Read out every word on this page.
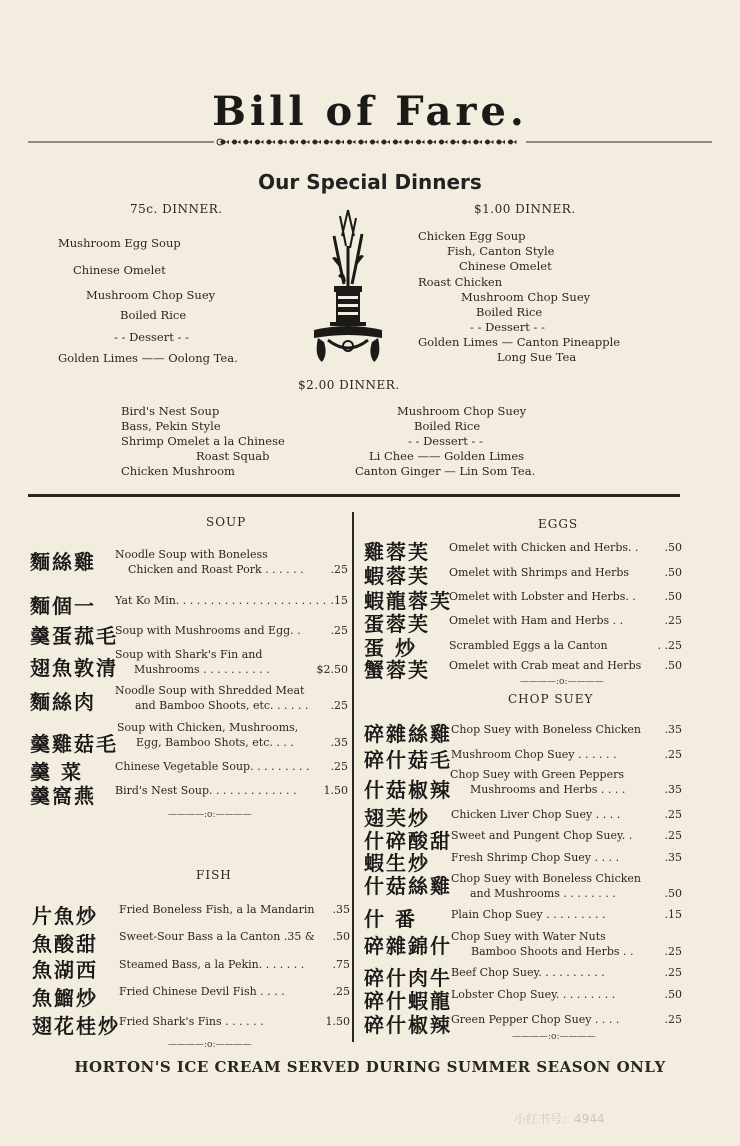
Bill of Fare.
Our Special Dinners
75c. DINNER.
Mushroom Egg Soup
Chinese Omelet
Mushroom Chop Suey
Boiled Rice
- - Dessert - -
Golden Limes —— Oolong Tea.
$1.00 DINNER.
Chicken Egg Soup
Fish, Canton Style
Chinese Omelet
Roast Chicken
Mushroom Chop Suey
Boiled Rice
- - Dessert - -
Golden Limes — Canton Pineapple
Long Sue Tea
$2.00 DINNER.
Bird's Nest Soup
Bass, Pekin Style
Shrimp Omelet a la Chinese
Roast Squab
Chicken Mushroom
Mushroom Chop Suey
Boiled Rice
- - Dessert - -
Li Chee —— Golden Limes
Canton Ginger — Lin Som Tea.
SOUP
麵絲雞 Noodle Soup with Boneless
Chicken and Roast Pork . . . . . .	.25
麵個一 Yat Ko Min. . . . . . . . . . . . . . . . . . . . . . .15
羹蛋菰毛
Soup with Mushrooms and Egg. .	.25
翅魚敦清
Soup with Shark's Fin and
Mushrooms . . . . . . . . . .	$2.50
麵絲肉 Noodle Soup with Shredded Meat
and Bamboo Shoots, etc. . . . . .	.25
羹雞菇毛
Soup with Chicken, Mushrooms,
Egg, Bamboo Shots, etc. . . .	.35
羹 菜	Chinese Vegetable Soup. . . . . . . . .	.25
羹窩燕 Bird's Nest Soup. . . . . . . . . . . . .	1.50
————:o:————
FISH
片魚炒 Fried Boneless Fish, a la Mandarin	.35
魚酸甜 Sweet-Sour Bass a la Canton .35 &	.50
魚湖西 Steamed Bass, a la Pekin. . . . . . .	.75
魚鰡炒 Fried Chinese Devil Fish . . . .	.25
翅花桂炒 Fried Shark's Fins . . . . . .	1.50
————:o:————
EGGS
雞蓉芙 Omelet with Chicken and Herbs. .	.50
蝦蓉芙 Omelet with Shrimps and Herbs	.50
蝦龍蓉芙
Omelet with Lobster and Herbs. .	.50
蛋蓉芙 Omelet with Ham and Herbs . .	.25
蛋 炒	Scrambled Eggs a la Canton	. .25
蟹蓉芙 Omelet with Crab meat and Herbs	.50
————:o:————
CHOP SUEY
碎雜絲雞 Chop Suey with Boneless Chicken	.35
碎什菇毛 Mushroom Chop Suey . . . . . .	.25
什菇椒辣
Chop Suey with Green Peppers
Mushrooms and Herbs . . . .	.35
翅芙炒 Chicken Liver Chop Suey . . . .	.25
什碎酸甜 Sweet and Pungent Chop Suey. .	.25
蝦生炒 Fresh Shrimp Chop Suey . . . .	.35
什菇絲雞 Chop Suey with Boneless Chicken
and Mushrooms . . . . . . . .	.50
什 番	Plain Chop Suey . . . . . . . . .	.15
碎雜錦什 Chop Suey with Water Nuts
Bamboo Shoots and Herbs . .	.25
碎什肉牛 Beef Chop Suey. . . . . . . . . .	.25
碎什蝦龍 Lobster Chop Suey. . . . . . . . .	.50
碎什椒辣 Green Pepper Chop Suey . . . .	.25
————:o:————
HORTON'S ICE CREAM SERVED DURING SUMMER SEASON ONLY
小红书号：4944
